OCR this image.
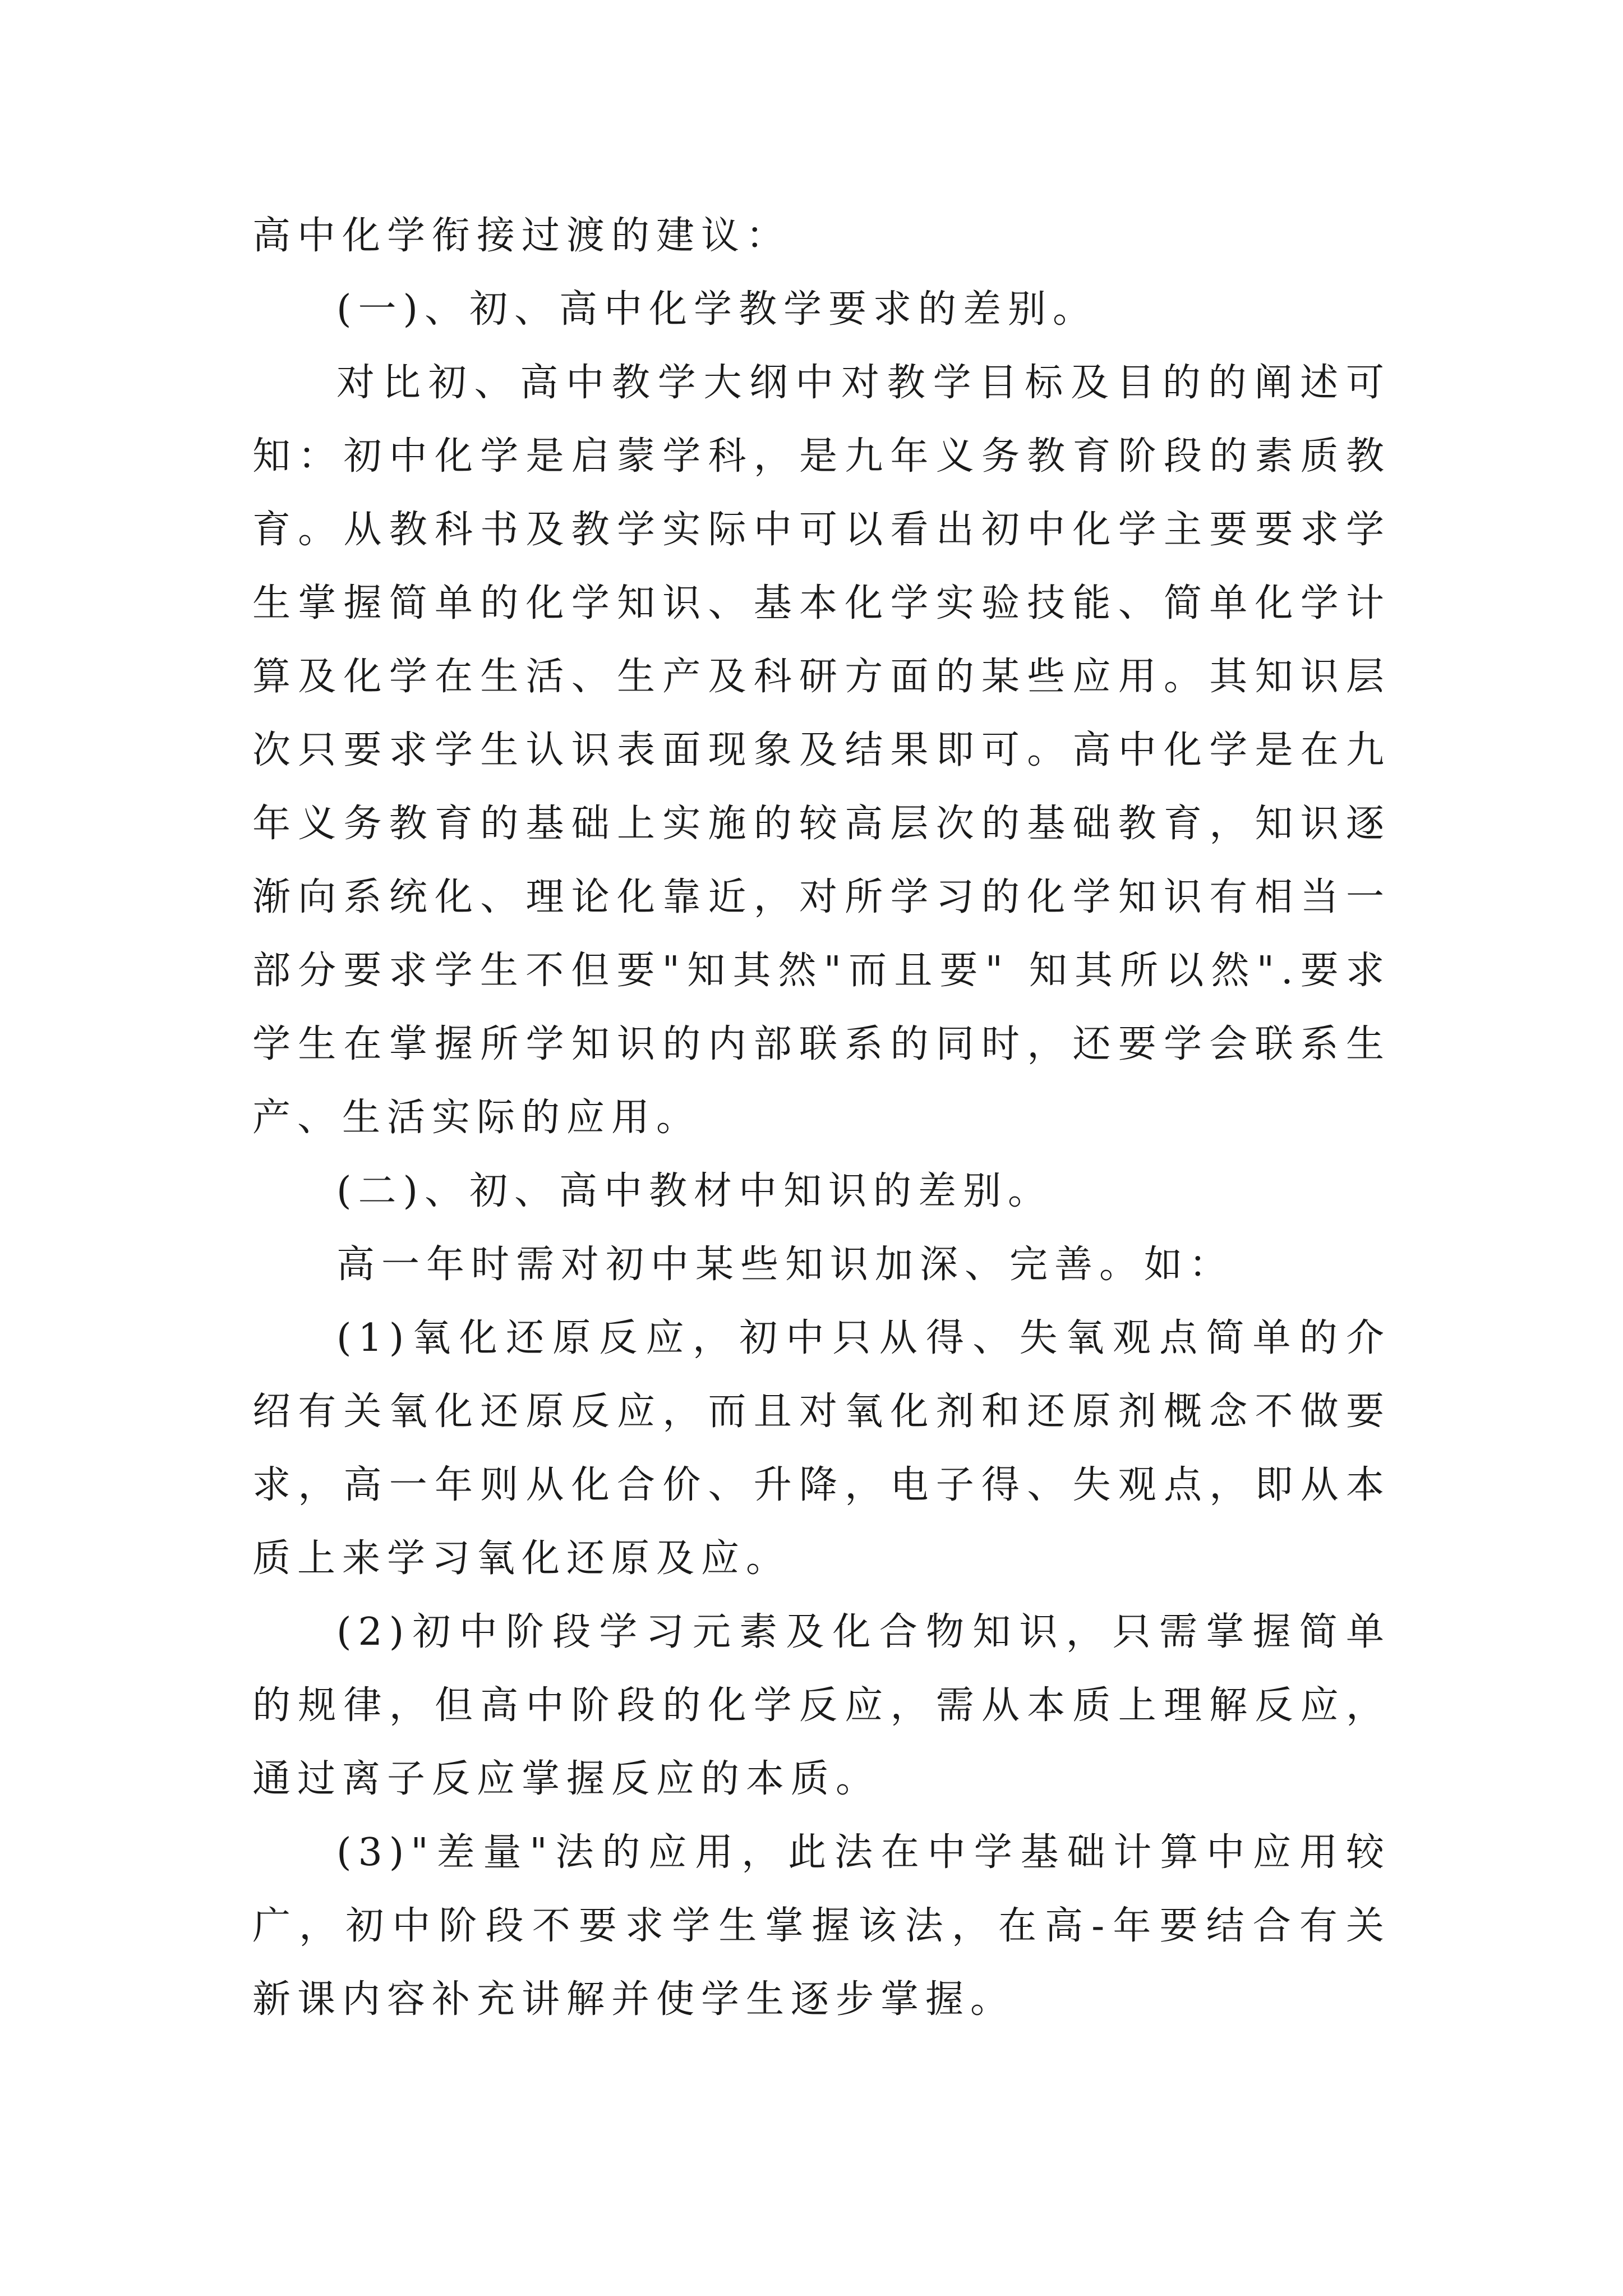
高中化学衔接过渡的建议：

(一)、初、高中化学教学要求的差别。

对比初、高中教学大纲中对教学目标及目的的阐述可知：初中化学是启蒙学科，是九年义务教育阶段的素质教育。从教科书及教学实际中可以看出初中化学主要要求学生掌握简单的化学知识、基本化学实验技能、简单化学计算及化学在生活、生产及科研方面的某些应用。其知识层次只要求学生认识表面现象及结果即可。高中化学是在九年义务教育的基础上实施的较高层次的基础教育，知识逐渐向系统化、理论化靠近，对所学习的化学知识有相当一部分要求学生不但要"知其然"而且要" 知其所以然".要求学生在掌握所学知识的内部联系的同时，还要学会联系生产、生活实际的应用。

(二)、初、高中教材中知识的差别。

高一年时需对初中某些知识加深、完善。如：

(1)氧化还原反应，初中只从得、失氧观点简单的介绍有关氧化还原反应，而且对氧化剂和还原剂概念不做要求，高一年则从化合价、升降，电子得、失观点，即从本质上来学习氧化还原及应。

(2)初中阶段学习元素及化合物知识，只需掌握简单的规律，但高中阶段的化学反应，需从本质上理解反应，通过离子反应掌握反应的本质。

(3)"差量"法的应用，此法在中学基础计算中应用较广，初中阶段不要求学生掌握该法，在高-年要结合有关新课内容补充讲解并使学生逐步掌握。
